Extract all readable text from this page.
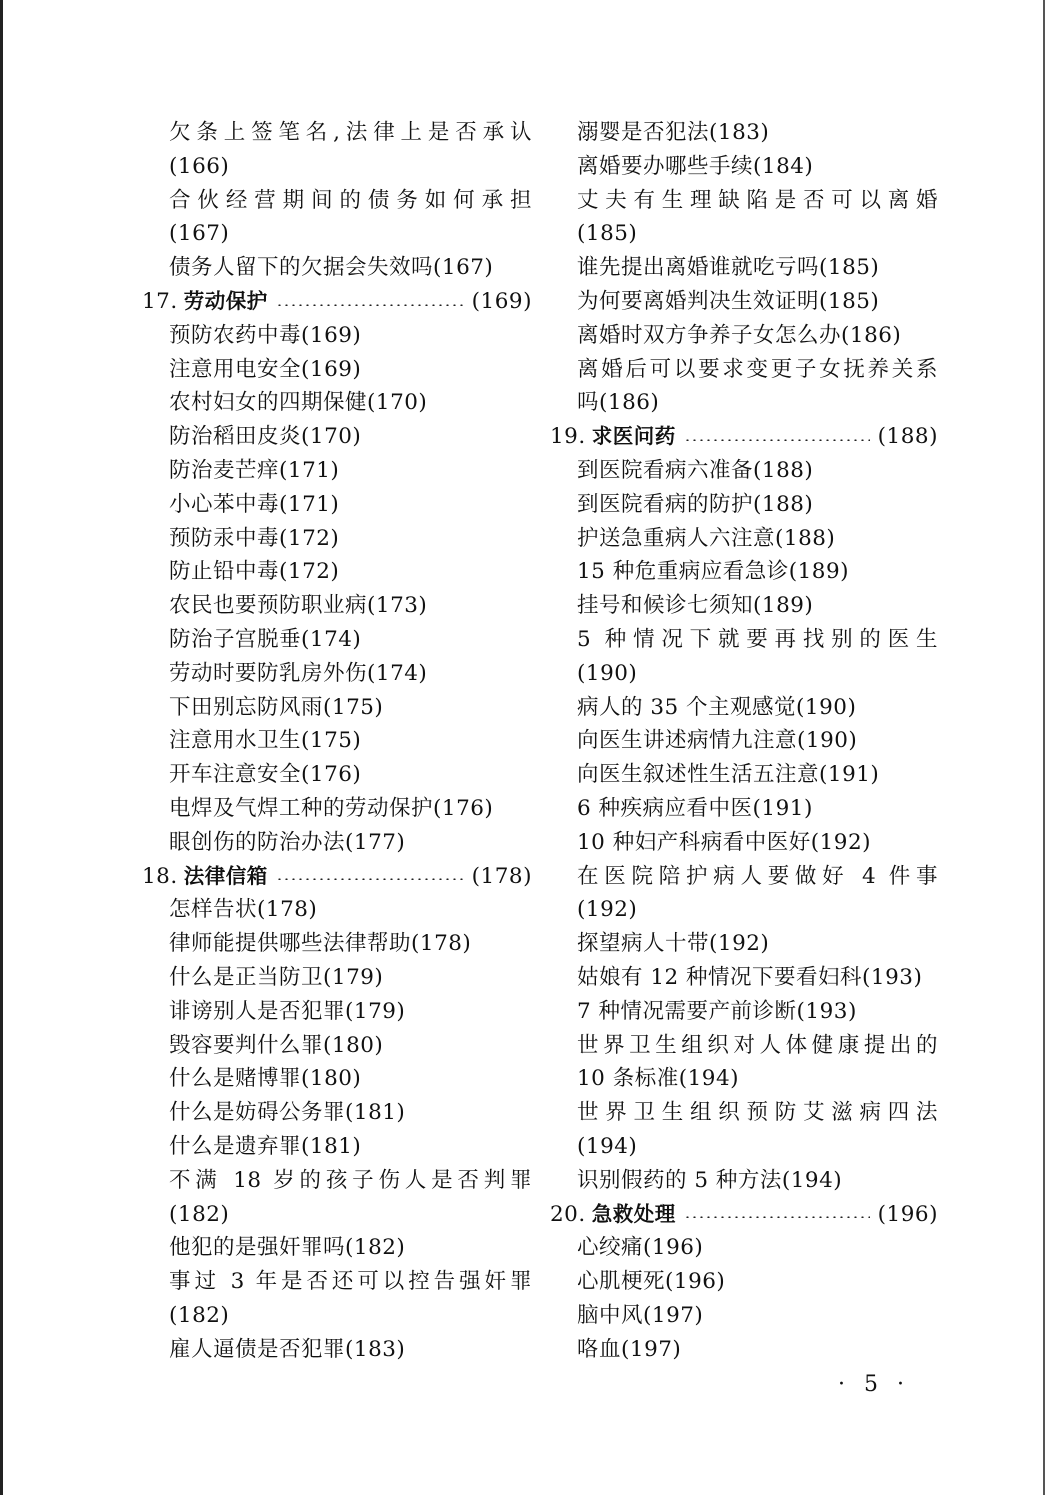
欠条上签笔名,法律上是否承认
(166)
合伙经营期间的债务如何承担
(167)
债务人留下的欠据会失效吗(167)
17. 劳动保护	(169)
预防农药中毒(169)
注意用电安全(169)
农村妇女的四期保健(170)
防治稻田皮炎(170)
防治麦芒痒(171)
小心苯中毒(171)
预防汞中毒(172)
防止铅中毒(172)
农民也要预防职业病(173)
防治子宫脱垂(174)
劳动时要防乳房外伤(174)
下田别忘防风雨(175)
注意用水卫生(175)
开车注意安全(176)
电焊及气焊工种的劳动保护(176)
眼创伤的防治办法(177)
18. 法律信箱	(178)
怎样告状(178)
律师能提供哪些法律帮助(178)
什么是正当防卫(179)
诽谤别人是否犯罪(179)
毁容要判什么罪(180)
什么是赌博罪(180)
什么是妨碍公务罪(181)
什么是遗弃罪(181)
不满 18 岁的孩子伤人是否判罪
(182)
他犯的是强奸罪吗(182)
事过 3 年是否还可以控告强奸罪
(182)
雇人逼债是否犯罪(183)
溺婴是否犯法(183)
离婚要办哪些手续(184)
丈夫有生理缺陷是否可以离婚
(185)
谁先提出离婚谁就吃亏吗(185)
为何要离婚判决生效证明(185)
离婚时双方争养子女怎么办(186)
离婚后可以要求变更子女抚养关系
吗(186)
19. 求医问药	(188)
到医院看病六准备(188)
到医院看病的防护(188)
护送急重病人六注意(188)
15 种危重病应看急诊(189)
挂号和候诊七须知(189)
5 种情况下就要再找别的医生
(190)
病人的 35 个主观感觉(190)
向医生讲述病情九注意(190)
向医生叙述性生活五注意(191)
6 种疾病应看中医(191)
10 种妇产科病看中医好(192)
在医院陪护病人要做好 4 件事
(192)
探望病人十带(192)
姑娘有 12 种情况下要看妇科(193)
7 种情况需要产前诊断(193)
世界卫生组织对人体健康提出的
10 条标准(194)
世界卫生组织预防艾滋病四法
(194)
识别假药的 5 种方法(194)
20. 急救处理	(196)
心绞痛(196)
心肌梗死(196)
脑中风(197)
咯血(197)
· 5 ·
